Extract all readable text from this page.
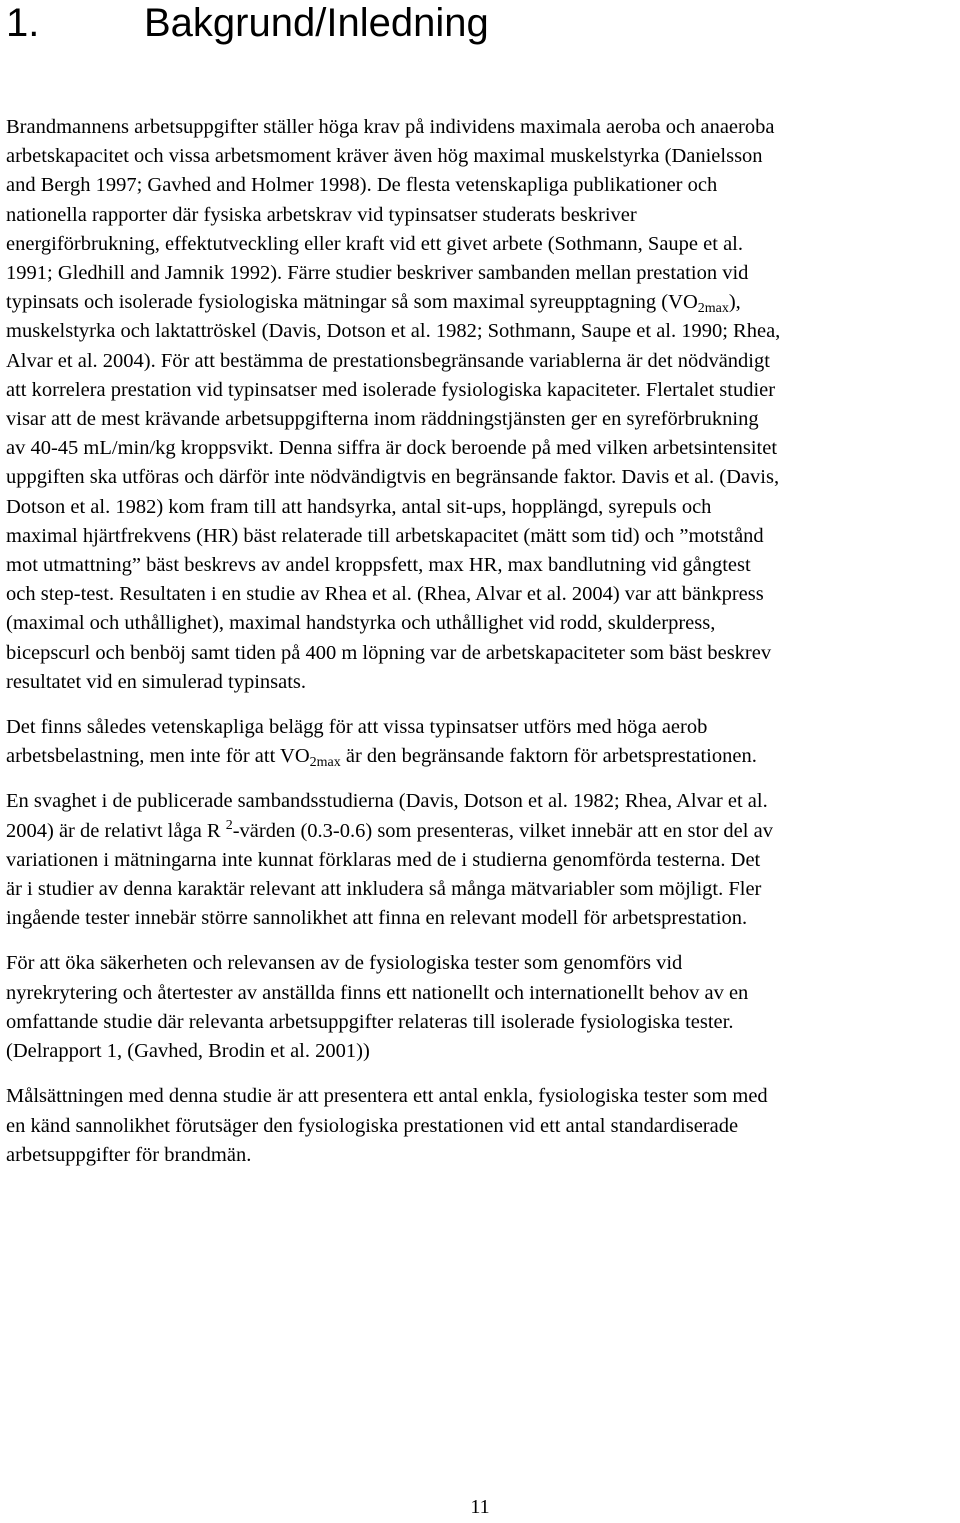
1.	Bakgrund/Inledning

Brandmannens arbetsuppgifter ställer höga krav på individens maximala aeroba och anaeroba
arbetskapacitet och vissa arbetsmoment kräver även hög maximal muskelstyrka (Danielsson
and Bergh 1997; Gavhed and Holmer 1998). De flesta vetenskapliga publikationer och
nationella rapporter där fysiska arbetskrav vid typinsatser studerats beskriver
energiförbrukning, effektutveckling eller kraft vid ett givet arbete (Sothmann, Saupe et al.
1991; Gledhill and Jamnik 1992). Färre studier beskriver sambanden mellan prestation vid
typinsats och isolerade fysiologiska mätningar så som maximal syreupptagning $(VO_{2max})$,
muskelstyrka och laktattröskel (Davis, Dotson et al. 1982; Sothmann, Saupe et al. 1990; Rhea,
Alvar et al. 2004). För att bestämma de prestationsbegränsande variablerna är det nödvändigt
att korrelera prestation vid typinsatser med isolerade fysiologiska kapaciteter. Flertalet studier
visar att de mest krävande arbetsuppgifterna inom räddningstjänsten ger en syreförbrukning
av 40-45 mL/min/kg kroppsvikt. Denna siffra är dock beroende på med vilken arbetsintensitet
uppgiften ska utföras och därför inte nödvändigtvis en begränsande faktor. Davis et al. (Davis,
Dotson et al. 1982) kom fram till att handsyrka, antal sit-ups, hopplängd, syrepuls och
maximal hjärtfrekvens (HR) bäst relaterade till arbetskapacitet (mätt som tid) och ”motstånd
mot utmattning” bäst beskrevs av andel kroppsfett, max HR, max bandlutning vid gångtest
och step-test. Resultaten i en studie av Rhea et al. (Rhea, Alvar et al. 2004) var att bänkpress
(maximal och uthållighet), maximal handstyrka och uthållighet vid rodd, skulderpress,
bicepscurl och benböj samt tiden på 400 m löpning var de arbetskapaciteter som bäst beskrev
resultatet vid en simulerad typinsats.

Det finns således vetenskapliga belägg för att vissa typinsatser utförs med höga aerob
arbetsbelastning, men inte för att $VO_{2max}$ är den begränsande faktorn för arbetsprestationen.

En svaghet i de publicerade sambandsstudierna (Davis, Dotson et al. 1982; Rhea, Alvar et al.
2004) är de relativt låga R $^2$-värden (0.3-0.6) som presenteras, vilket innebär att en stor del av
variationen i mätningarna inte kunnat förklaras med de i studierna genomförda testerna. Det
är i studier av denna karaktär relevant att inkludera så många mätvariabler som möjligt. Fler
ingående tester innebär större sannolikhet att finna en relevant modell för arbetsprestation.

För att öka säkerheten och relevansen av de fysiologiska tester som genomförs vid
nyrekrytering och återtester av anställda finns ett nationellt och internationellt behov av en
omfattande studie där relevanta arbetsuppgifter relateras till isolerade fysiologiska tester.
(Delrapport 1, (Gavhed, Brodin et al. 2001))

Målsättningen med denna studie är att presentera ett antal enkla, fysiologiska tester som med
en känd sannolikhet förutsäger den fysiologiska prestationen vid ett antal standardiserade
arbetsuppgifter för brandmän.

11
